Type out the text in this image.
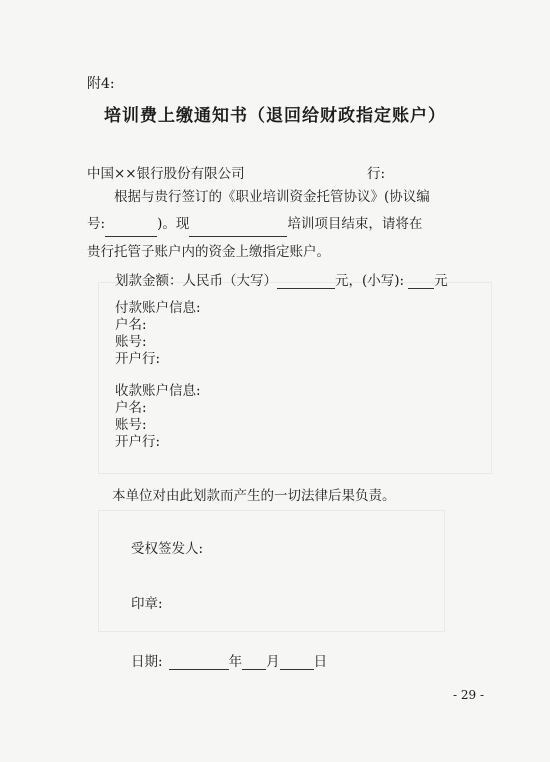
附4:
培训费上缴通知书（退回给财政指定账户）
中国××银行股份有限公司	行:
根据与贵行签订的《职业培训资金托管协议》(协议编
号:	)。现	培训项目结束，请将在
贵行托管子账户内的资金上缴指定账户。
划款金额：人民币（大写）	元，(小写): 元
付款账户信息:
户名:
账号:
开户行:
收款账户信息:
户名:
账号:
开户行:
本单位对由此划款而产生的一切法律后果负责。
受权签发人:
印章:
日期:	年 月	日
- 29 -
